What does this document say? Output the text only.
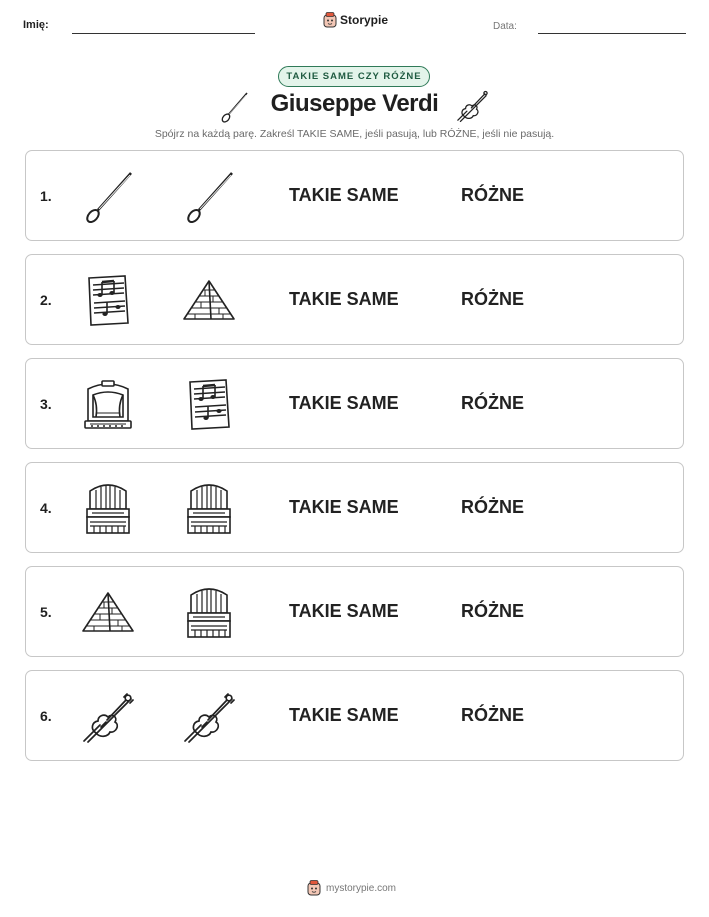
Imię:	Storypie	Data:
TAKIE SAME CZY RÓŻNE
Giuseppe Verdi
Spójrz na każdą parę. Zakreśl TAKIE SAME, jeśli pasują, lub RÓŻNE, jeśli nie pasują.
1.	TAKIE SAME	RÓŻNE
2.	TAKIE SAME	RÓŻNE
3.	TAKIE SAME	RÓŻNE
4.	TAKIE SAME	RÓŻNE
5.	TAKIE SAME	RÓŻNE
6.	TAKIE SAME	RÓŻNE
mystorypie.com
